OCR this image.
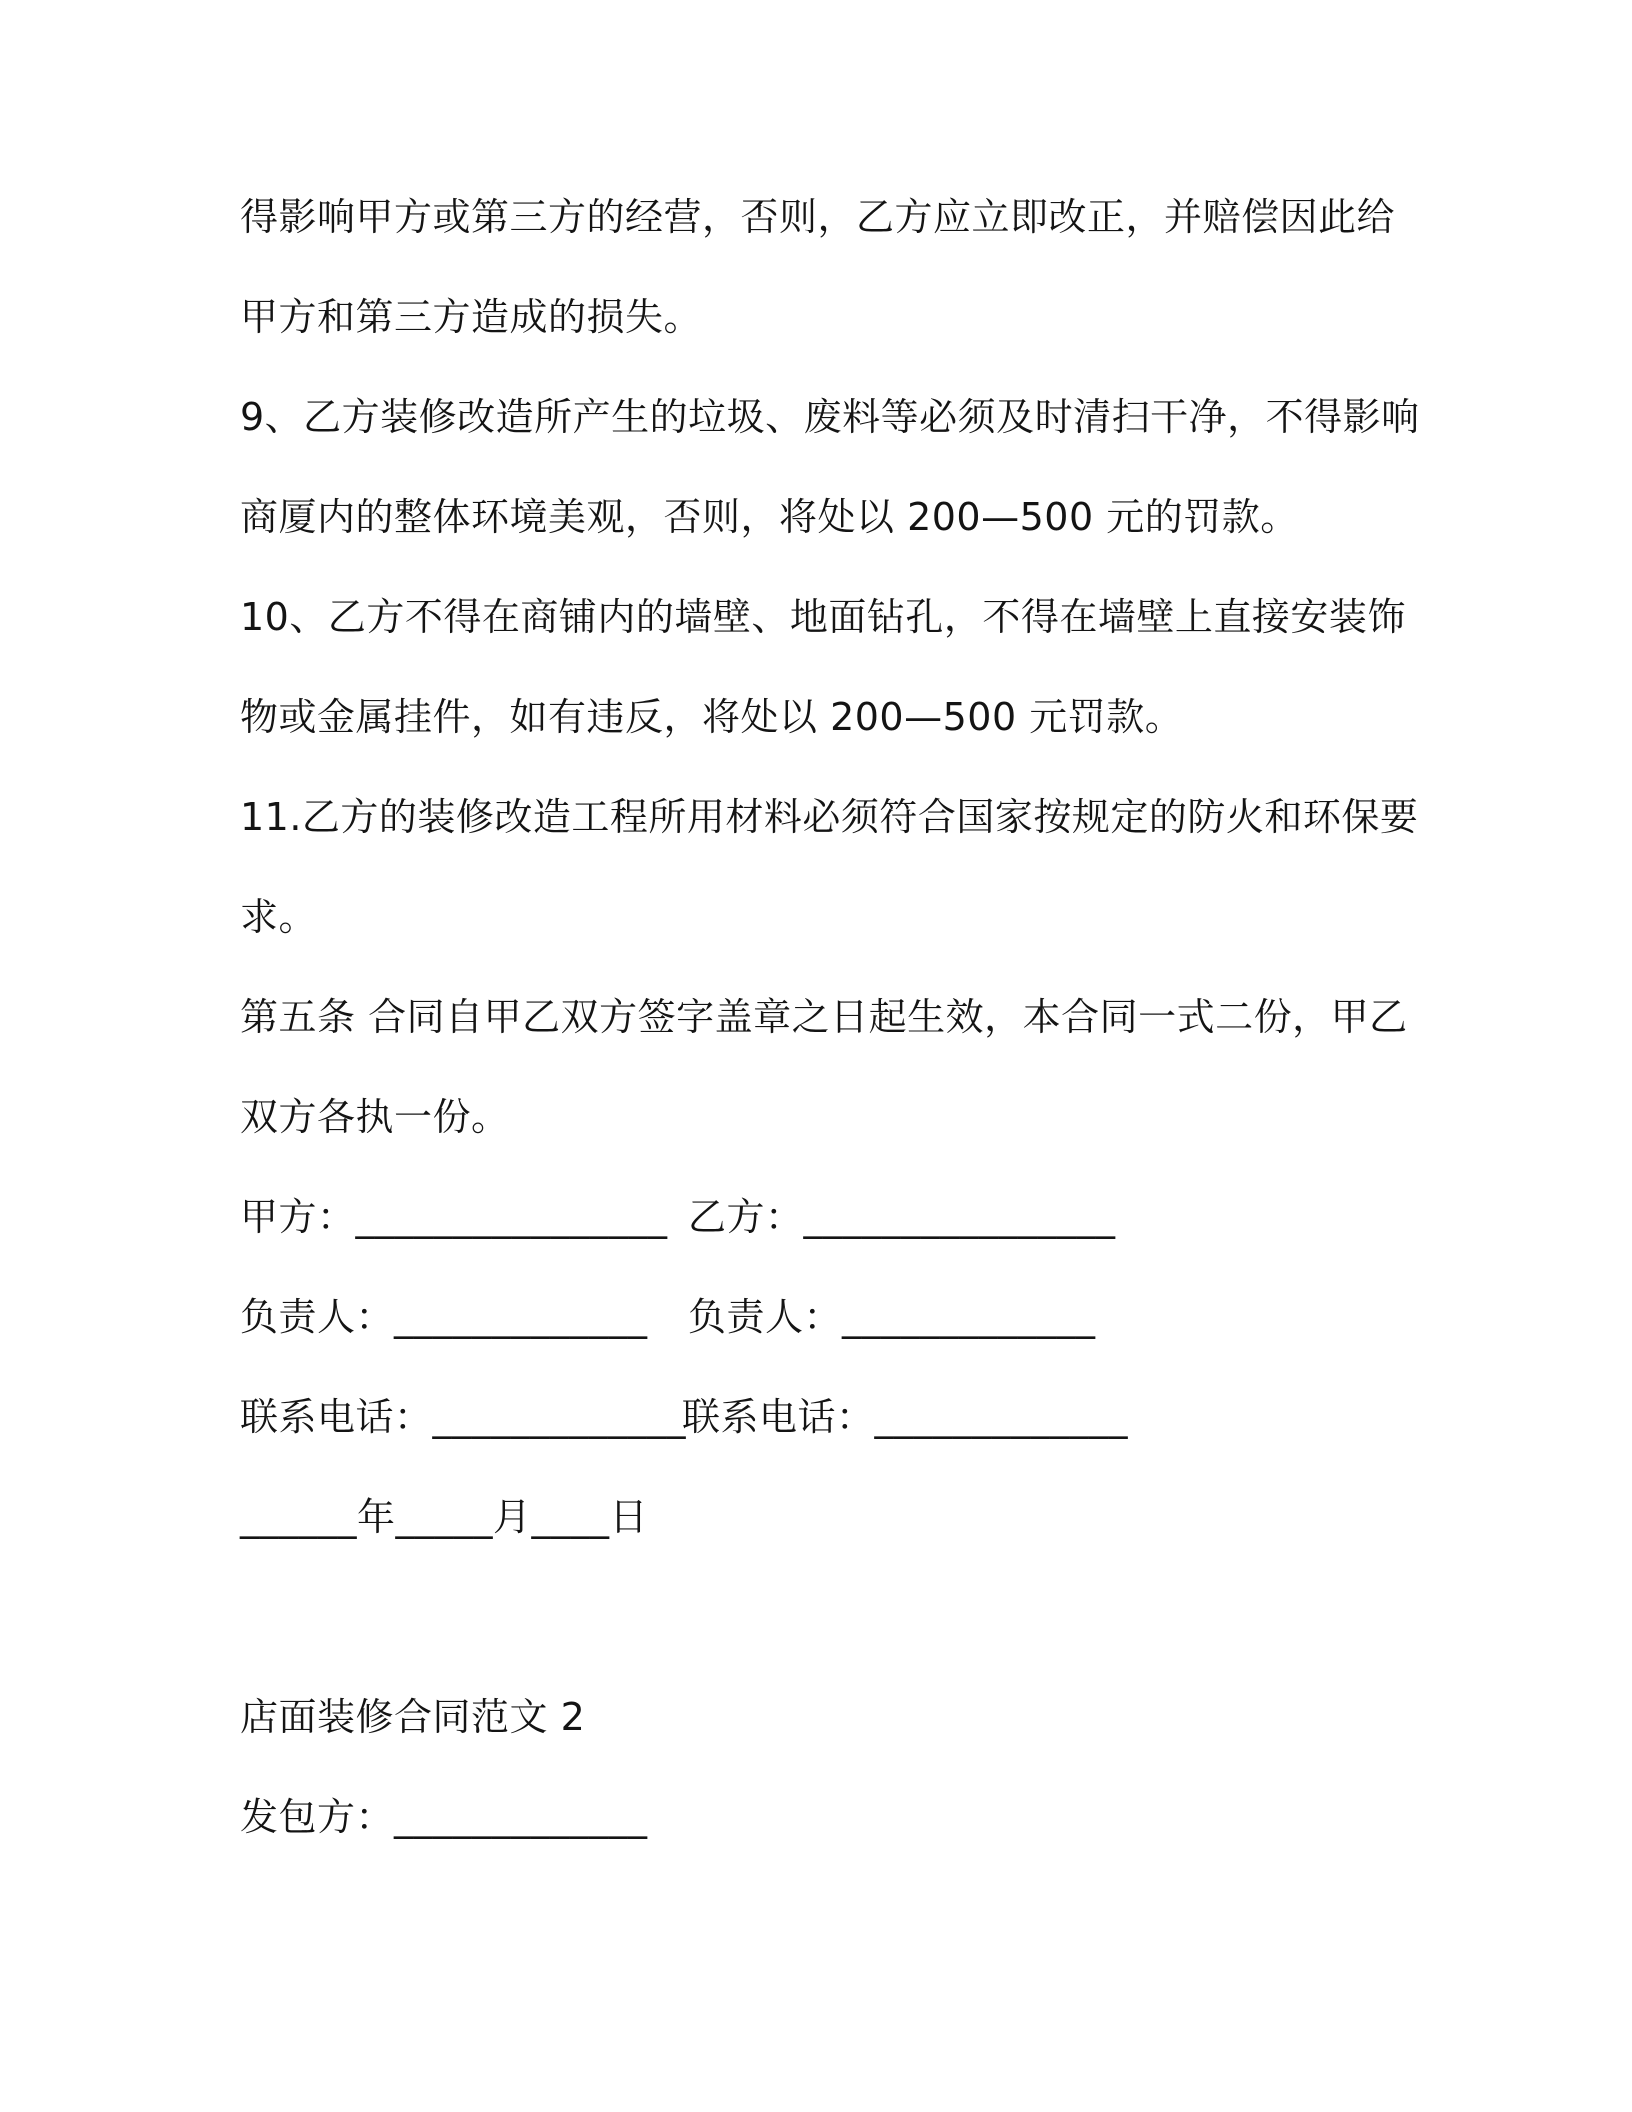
得影响甲方或第三方的经营，否则，乙方应立即改正，并赔偿因此给
甲方和第三方造成的损失。
9、乙方装修改造所产生的垃圾、废料等必须及时清扫干净，不得影响
商厦内的整体环境美观，否则，将处以 200—500 元的罚款。
10、乙方不得在商铺内的墙壁、地面钻孔，不得在墙壁上直接安装饰
物或金属挂件，如有违反，将处以 200—500 元罚款。
11.乙方的装修改造工程所用材料必须符合国家按规定的防火和环保要
求。
第五条 合同自甲乙双方签字盖章之日起生效，本合同一式二份，甲乙
双方各执一份。
甲方：________________ 乙方：________________
负责人：_____________ 负责人：_____________
联系电话：_____________
联系电话：_____________
______年_____月____日
店面装修合同范文 2
发包方：_____________
